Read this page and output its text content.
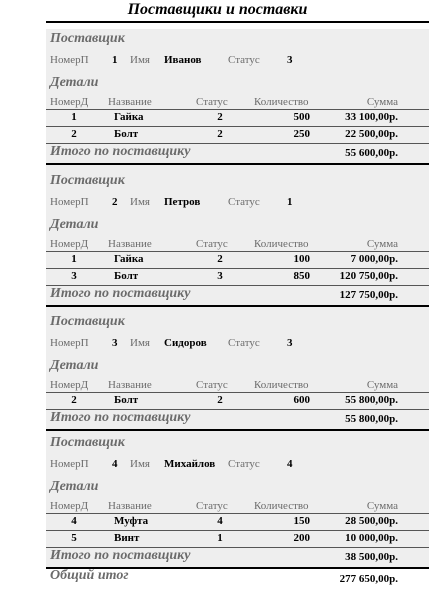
Поставщики и поставки
Поставщик
НомерП 1 Имя Иванов Статус 3
Детали
НомерД Название	Статус Количество	Сумма
1	Гайка	2	500	33 100,00р.
2	Болт	2	250	22 500,00р.
Итого по поставщику	55 600,00р.
Поставщик
НомерП 2 Имя Петров	Статус 1
Детали
НомерД Название	Статус Количество	Сумма
1	Гайка	2	100	7 000,00р.
3	Болт	3	850	120 750,00р.
Итого по поставщику	127 750,00р.
Поставщик
НомерП 3 Имя Сидоров Статус 3
Детали
НомерД Название	Статус Количество	Сумма
2	Болт	2	600	55 800,00р.
Итого по поставщику	55 800,00р.
Поставщик
НомерП 4 Имя Михайлов Статус 4
Детали
НомерД Название	Статус Количество	Сумма
4	Муфта	4	150	28 500,00р.
5	Винт	1	200	10 000,00р.
Итого по поставщику	38 500,00р.
Общий итог	277 650,00р.
